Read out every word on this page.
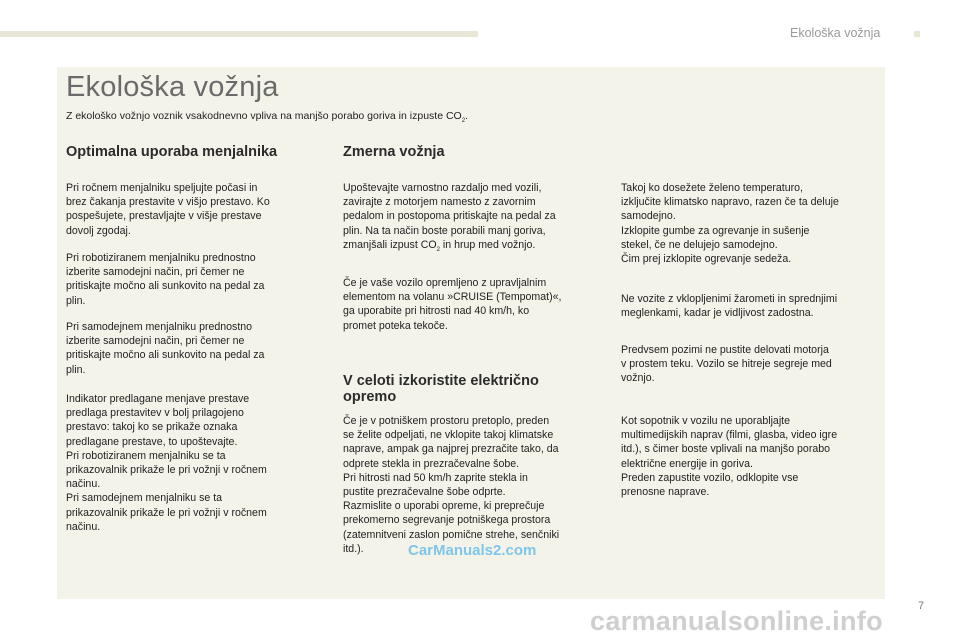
Ekološka vožnja
Ekološka vožnja
Z ekološko vožnjo voznik vsakodnevno vpliva na manjšo porabo goriva in izpuste $CO_2$.
Optimalna uporaba menjalnika

Pri ročnem menjalniku speljujte počasi in
brez čakanja prestavite v višjo prestavo. Ko
pospešujete, prestavljajte v višje prestave
dovolj zgodaj.

Pri robotiziranem menjalniku prednostno
izberite samodejni način, pri čemer ne
pritiskajte močno ali sunkovito na pedal za
plin.

Pri samodejnem menjalniku prednostno
izberite samodejni način, pri čemer ne
pritiskajte močno ali sunkovito na pedal za
plin.

Indikator predlagane menjave prestave
predlaga prestavitev v bolj prilagojeno
prestavo: takoj ko se prikaže oznaka
predlagane prestave, to upoštevajte.
Pri robotiziranem menjalniku se ta
prikazovalnik prikaže le pri vožnji v ročnem
načinu.
Pri samodejnem menjalniku se ta
prikazovalnik prikaže le pri vožnji v ročnem
načinu.

Zmerna vožnja

Upoštevajte varnostno razdaljo med vozili,
zavirajte z motorjem namesto z zavornim
pedalom in postopoma pritiskajte na pedal za
plin. Na ta način boste porabili manj goriva,
zmanjšali izpust $CO_2$ in hrup med vožnjo.

Če je vaše vozilo opremljeno z upravljalnim
elementom na volanu »CRUISE (Tempomat)«,
ga uporabite pri hitrosti nad 40 km/h, ko
promet poteka tekoče.

V celoti izkoristite električno
opremo

Če je v potniškem prostoru pretoplo, preden
se želite odpeljati, ne vklopite takoj klimatske
naprave, ampak ga najprej prezračite tako, da
odprete stekla in prezračevalne šobe.
Pri hitrosti nad 50 km/h zaprite stekla in
pustite prezračevalne šobe odprte.
Razmislite o uporabi opreme, ki preprečuje
prekomerno segrevanje potniškega prostora
(zatemnitveni zaslon pomične strehe, senčniki
itd.).

Takoj ko dosežete želeno temperaturo,
izključite klimatsko napravo, razen če ta deluje
samodejno.
Izklopite gumbe za ogrevanje in sušenje
stekel, če ne delujejo samodejno.
Čim prej izklopite ogrevanje sedeža.

Ne vozite z vklopljenimi žarometi in sprednjimi
meglenkami, kadar je vidljivost zadostna.

Predvsem pozimi ne pustite delovati motorja
v prostem teku. Vozilo se hitreje segreje med
vožnjo.

Kot sopotnik v vozilu ne uporabljajte
multimedijskih naprav (filmi, glasba, video igre
itd.), s čimer boste vplivali na manjšo porabo
električne energije in goriva.
Preden zapustite vozilo, odklopite vse
prenosne naprave.

CarManuals2.com
7
carmanualsonline.info
